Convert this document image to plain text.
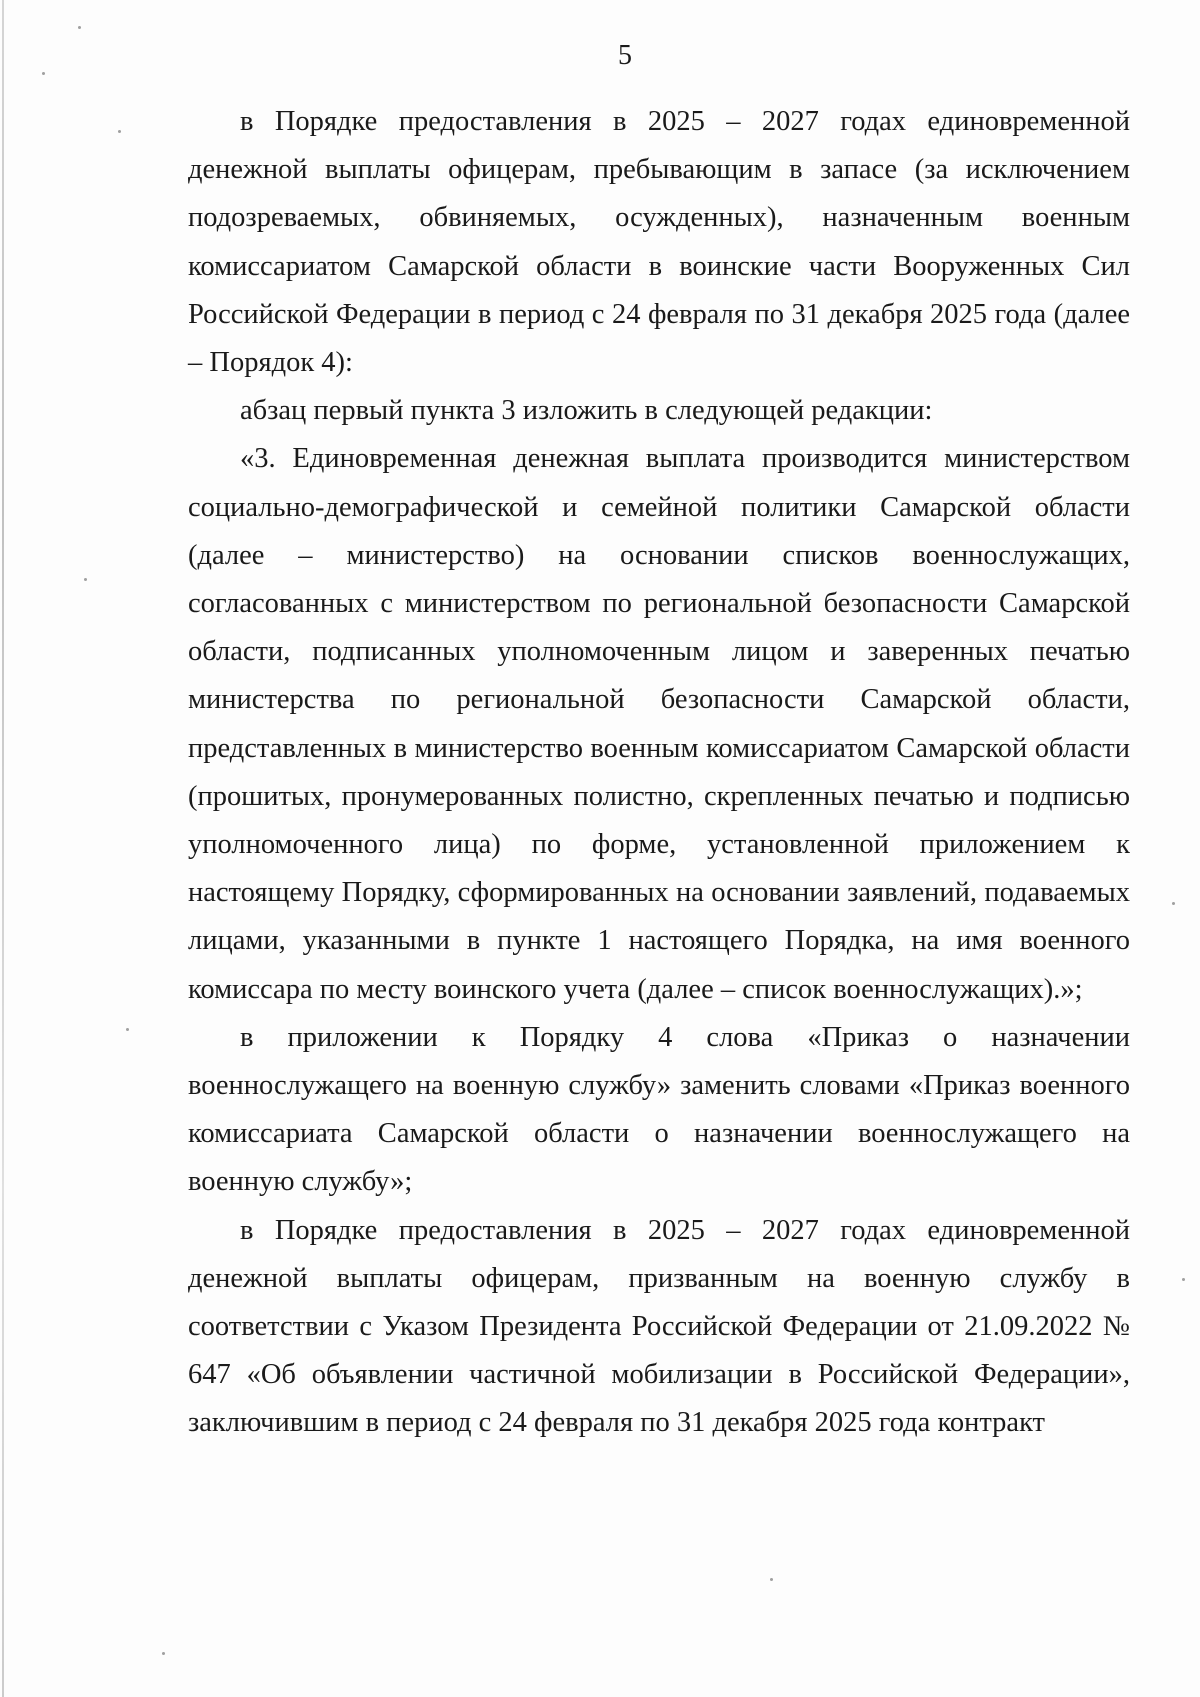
5

в Порядке предоставления в 2025 – 2027 годах единовременной денежной выплаты офицерам, пребывающим в запасе (за исключением подозреваемых, обвиняемых, осужденных), назначенным военным комиссариатом Самарской области в воинские части Вооруженных Сил Российской Федерации в период с 24 февраля по 31 декабря 2025 года (далее – Порядок 4):

абзац первый пункта 3 изложить в следующей редакции:

«3. Единовременная денежная выплата производится министерством социально-демографической и семейной политики Самарской области (далее – министерство) на основании списков военнослужащих, согласованных с министерством по региональной безопасности Самарской области, подписанных уполномоченным лицом и заверенных печатью министерства по региональной безопасности Самарской области, представленных в министерство военным комиссариатом Самарской области (прошитых, пронумерованных полистно, скрепленных печатью и подписью уполномоченного лица) по форме, установленной приложением к настоящему Порядку, сформированных на основании заявлений, подаваемых лицами, указанными в пункте 1 настоящего Порядка, на имя военного комиссара по месту воинского учета (далее – список военнослужащих).»;

в приложении к Порядку 4 слова «Приказ о назначении военнослужащего на военную службу» заменить словами «Приказ военного комиссариата Самарской области о назначении военнослужащего на военную службу»;

в Порядке предоставления в 2025 – 2027 годах единовременной денежной выплаты офицерам, призванным на военную службу в соответствии с Указом Президента Российской Федерации от 21.09.2022 № 647 «Об объявлении частичной мобилизации в Российской Федерации», заключившим в период с 24 февраля по 31 декабря 2025 года контракт
